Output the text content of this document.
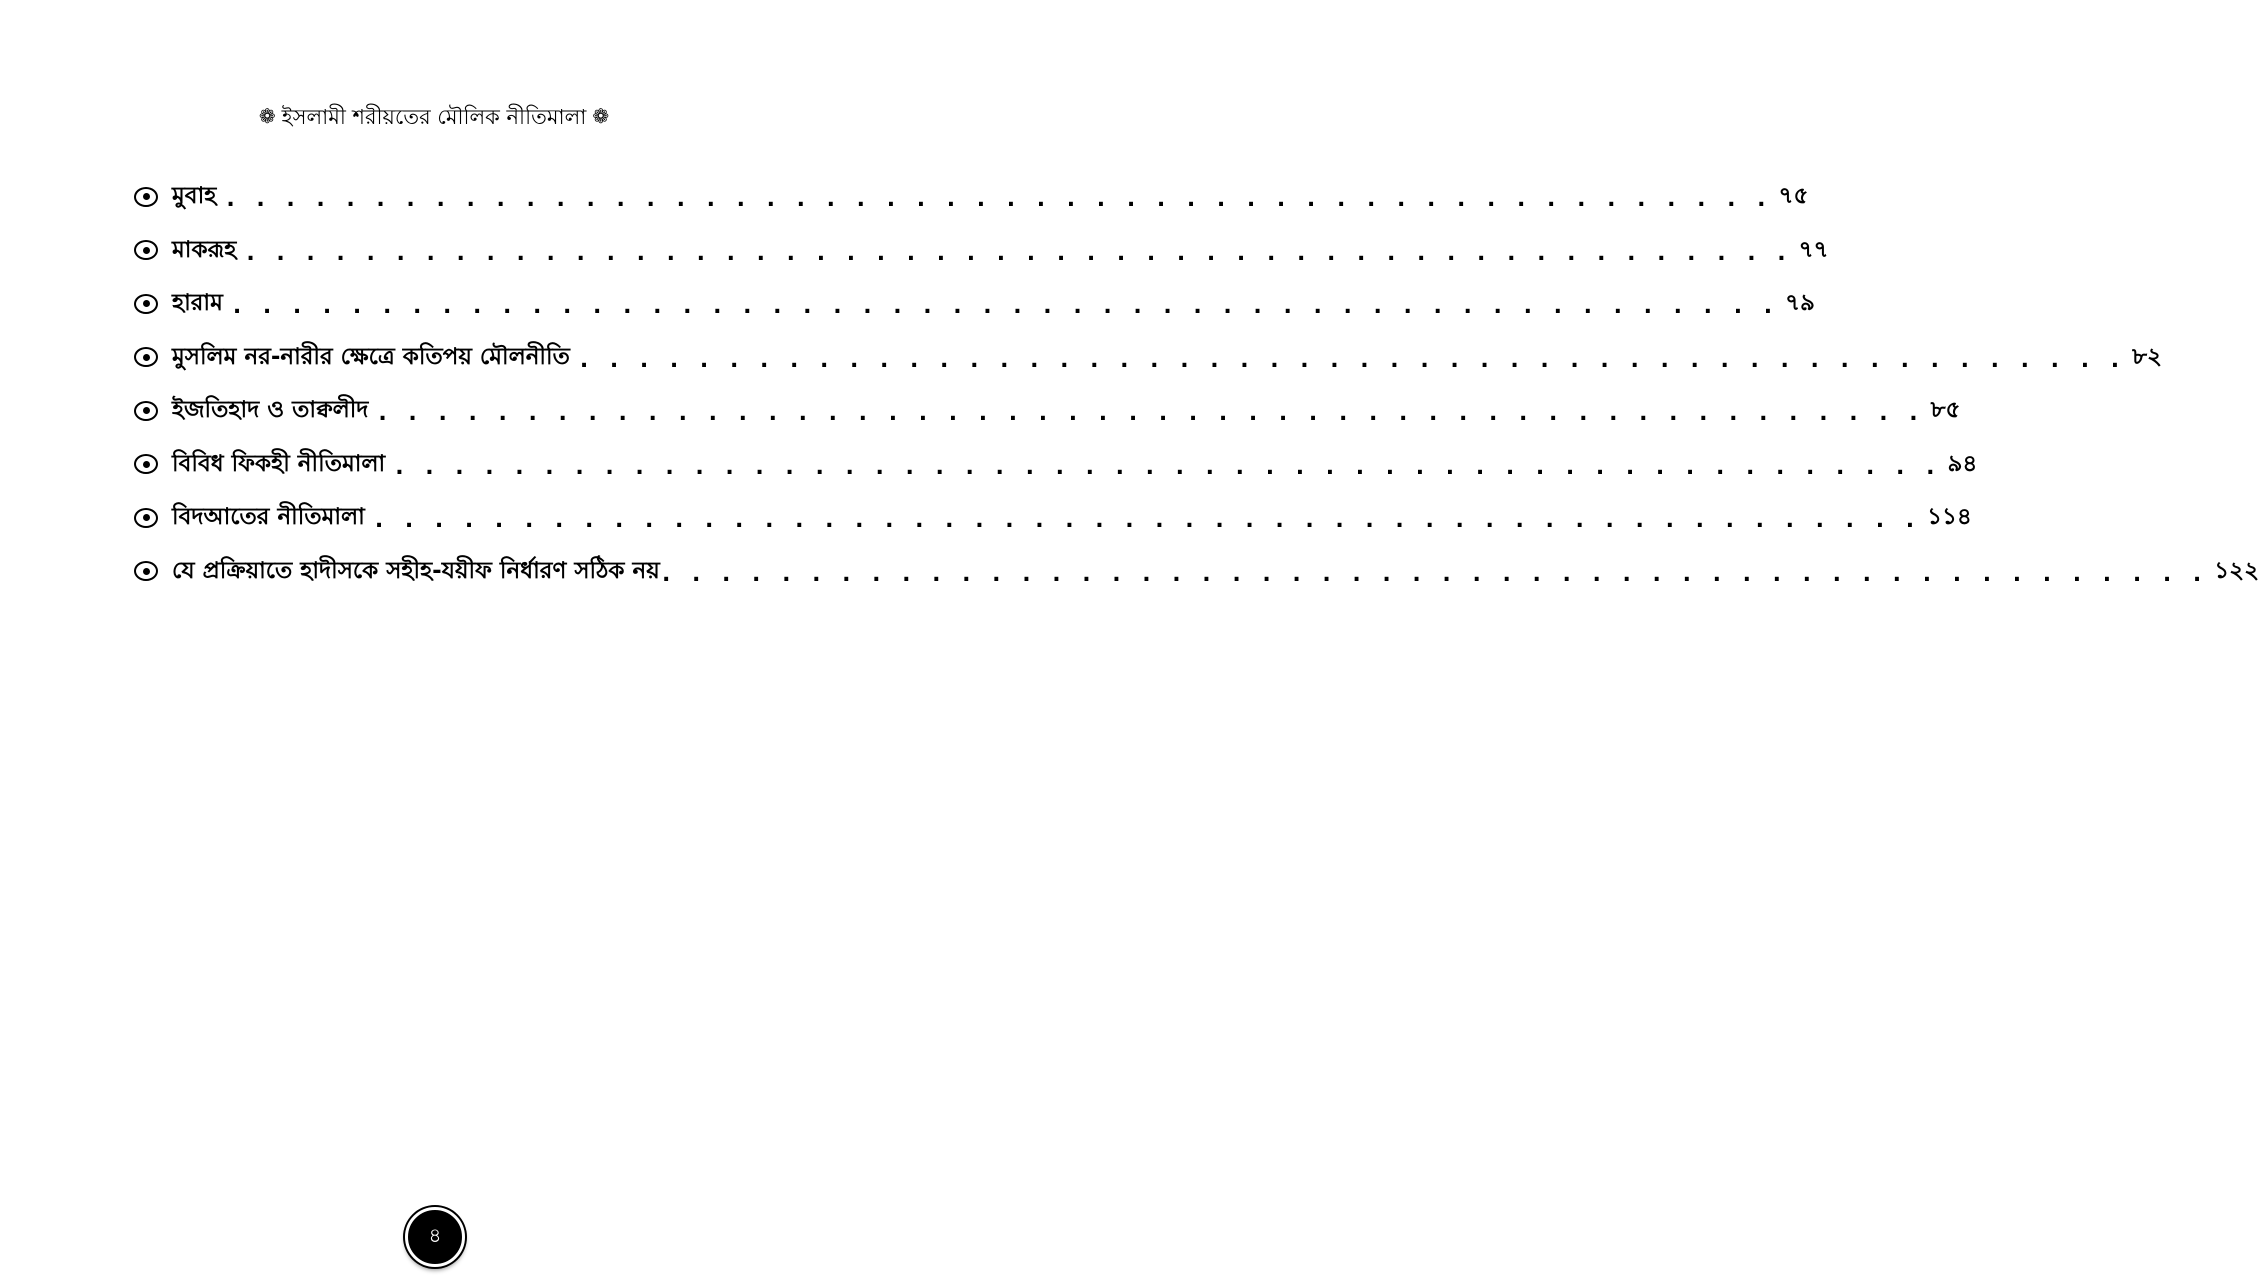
❁ ইসলামী শরীয়তের মৌলিক নীতিমালা ❁
মুবাহ . . . . . . . . . . . . . . . . . . . . . . . . . . . . . . . . . . . . . . . . . . . . . . . . . . . . ৭৫
মাকরূহ . . . . . . . . . . . . . . . . . . . . . . . . . . . . . . . . . . . . . . . . . . . . . . . . . . . . ৭৭
হারাম . . . . . . . . . . . . . . . . . . . . . . . . . . . . . . . . . . . . . . . . . . . . . . . . . . . . ৭৯
মুসলিম নর-নারীর ক্ষেত্রে কতিপয় মৌলনীতি . . . . . . . . . . . . . . . . . . . . . . . . . . . . . . . . . . . . . . . . . . . . . . . . . . . . ৮২
ইজতিহাদ ও তাক্বলীদ . . . . . . . . . . . . . . . . . . . . . . . . . . . . . . . . . . . . . . . . . . . . . . . . . . . . ৮৫
বিবিধ ফিকহী নীতিমালা . . . . . . . . . . . . . . . . . . . . . . . . . . . . . . . . . . . . . . . . . . . . . . . . . . . . ৯৪
বিদআতের নীতিমালা . . . . . . . . . . . . . . . . . . . . . . . . . . . . . . . . . . . . . . . . . . . . . . . . . . . . ১১৪
যে প্রক্রিয়াতে হাদীসকে সহীহ-যয়ীফ নির্ধারণ সঠিক নয় . . . . . . . . . . . . . . . . . . . . . . . . . . . . . . . . . . . . . . . . . . . . . . . . . . . . ১২২
৪
